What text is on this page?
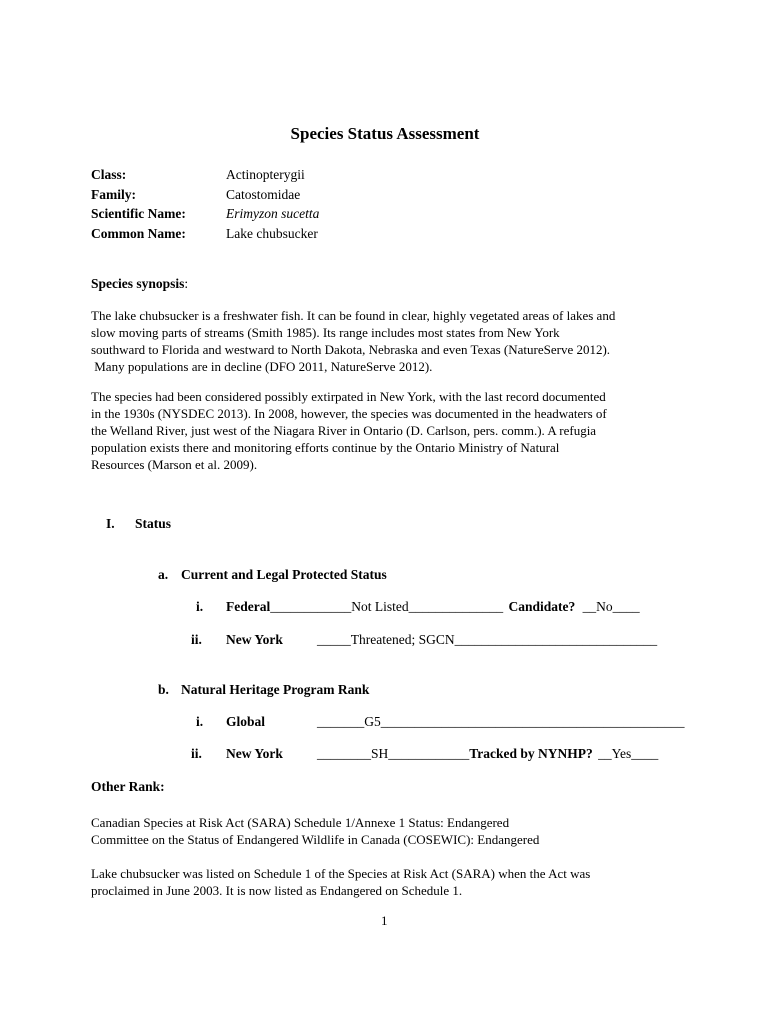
Species Status Assessment
Class:	Actinopterygii
Family:	Catostomidae
Scientific Name:	Erimyzon sucetta
Common Name:	Lake chubsucker
Species synopsis:
The lake chubsucker is a freshwater fish. It can be found in clear, highly vegetated areas of lakes and
slow moving parts of streams (Smith 1985). Its range includes most states from New York
southward to Florida and westward to North Dakota, Nebraska and even Texas (NatureServe 2012).
Many populations are in decline (DFO 2011, NatureServe 2012).
The species had been considered possibly extirpated in New York, with the last record documented
in the 1930s (NYSDEC 2013). In 2008, however, the species was documented in the headwaters of
the Welland River, just west of the Niagara River in Ontario (D. Carlson, pers. comm.). A refugia
population exists there and monitoring efforts continue by the Ontario Ministry of Natural
Resources (Marson et al. 2009).
I. Status
a. Current and Legal Protected Status
i. Federal____________Not Listed______________ Candidate? __No____
ii. New York	_____Threatened; SGCN______________________________
b. Natural Heritage Program Rank
i. Global	_______G5_____________________________________________
ii. New York	________SH____________Tracked by NYNHP? __Yes____
Other Rank:
Canadian Species at Risk Act (SARA) Schedule 1/Annexe 1 Status: Endangered
Committee on the Status of Endangered Wildlife in Canada (COSEWIC): Endangered
Lake chubsucker was listed on Schedule 1 of the Species at Risk Act (SARA) when the Act was
proclaimed in June 2003. It is now listed as Endangered on Schedule 1.
1
